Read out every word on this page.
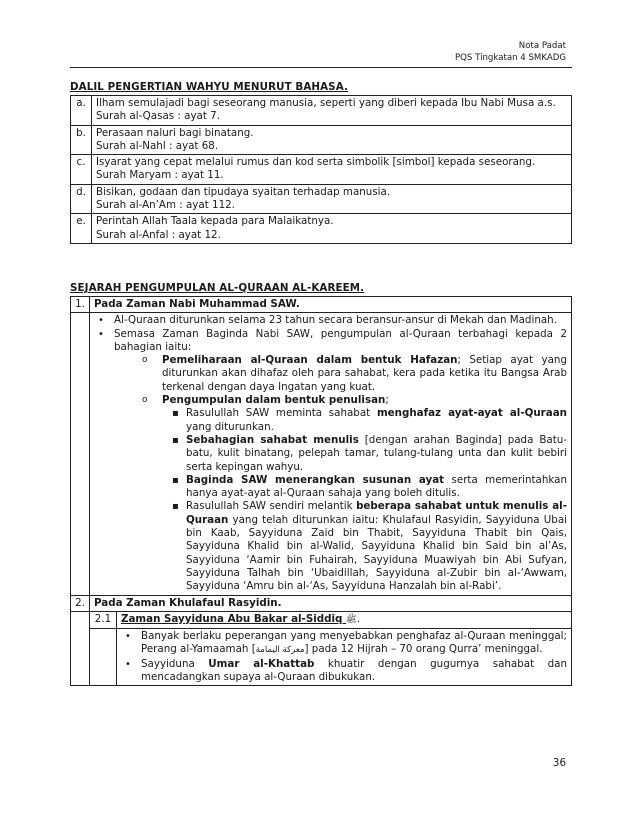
Nota Padat
PQS Tingkatan 4 SMKADG
DALIL PENGERTIAN WAHYU MENURUT BAHASA.
a.	Ilham semulajadi bagi seseorang manusia, seperti yang diberi kepada Ibu Nabi Musa a.s.
Surah al-Qasas : ayat 7.
b.	Perasaan naluri bagi binatang.
Surah al-Nahl : ayat 68.
c.	Isyarat yang cepat melalui rumus dan kod serta simbolik [simbol] kepada seseorang.
Surah Maryam : ayat 11.
d.	Bisikan, godaan dan tipudaya syaitan terhadap manusia.
Surah al-An’Am : ayat 112.
e.	Perintah Allah Taala kepada para Malaikatnya.
Surah al-Anfal : ayat 12.
SEJARAH PENGUMPULAN AL-QURAAN AL-KAREEM.
1.	Pada Zaman Nabi Muhammad SAW.

• Al-Quraan diturunkan selama 23 tahun secara beransur-ansur di Mekah dan Madinah.
• Semasa Zaman Baginda Nabi SAW, pengumpulan al-Quraan terbahagi kepada 2 bahagian iaitu:
o Pemeliharaan al-Quraan dalam bentuk Hafazan; Setiap ayat yang diturunkan akan dihafaz oleh para sahabat, kera pada ketika itu Bangsa Arab terkenal dengan daya Ingatan yang kuat.
o Pengumpulan dalam bentuk penulisan;
▪ Rasulullah SAW meminta sahabat menghafaz ayat-ayat al-Quraan yang diturunkan.
▪ Sebahagian sahabat menulis [dengan arahan Baginda] pada Batu-batu, kulit binatang, pelepah tamar, tulang-tulang unta dan kulit bebiri serta kepingan wahyu.
▪ Baginda SAW menerangkan susunan ayat serta memerintahkan hanya ayat-ayat al-Quraan sahaja yang boleh ditulis.
▪ Rasulullah SAW sendiri melantik beberapa sahabat untuk menulis al-Quraan yang telah diturunkan iaitu: Khulafaul Rasyidin, Sayyiduna Ubai bin Kaab, Sayyiduna Zaid bin Thabit, Sayyiduna Thabit bin Qais, Sayyiduna Khalid bin al-Walid, Sayyiduna Khalid bin Said bin al’As, Sayyiduna ‘Aamir bin Fuhairah, Sayyiduna Muawiyah bin Abi Sufyan, Sayyiduna Talhah bin ‘Ubaidillah, Sayyiduna al-Zubir bin al-‘Awwam, Sayyiduna ‘Amru bin al-‘As, Sayyiduna Hanzalah bin al-Rabi’.

2.	Pada Zaman Khulafaul Rasyidin.

2.1	Zaman Sayyiduna Abu Bakar al-Siddiq ﷺ.

• Banyak berlaku peperangan yang menyebabkan penghafaz al-Quraan meninggal; Perang al-Yamaamah [معركة اليمامة] pada 12 Hijrah – 70 orang Qurra’ meninggal.
• Sayyiduna Umar al-Khattab khuatir dengan gugurnya sahabat dan mencadangkan supaya al-Quraan dibukukan.
36
